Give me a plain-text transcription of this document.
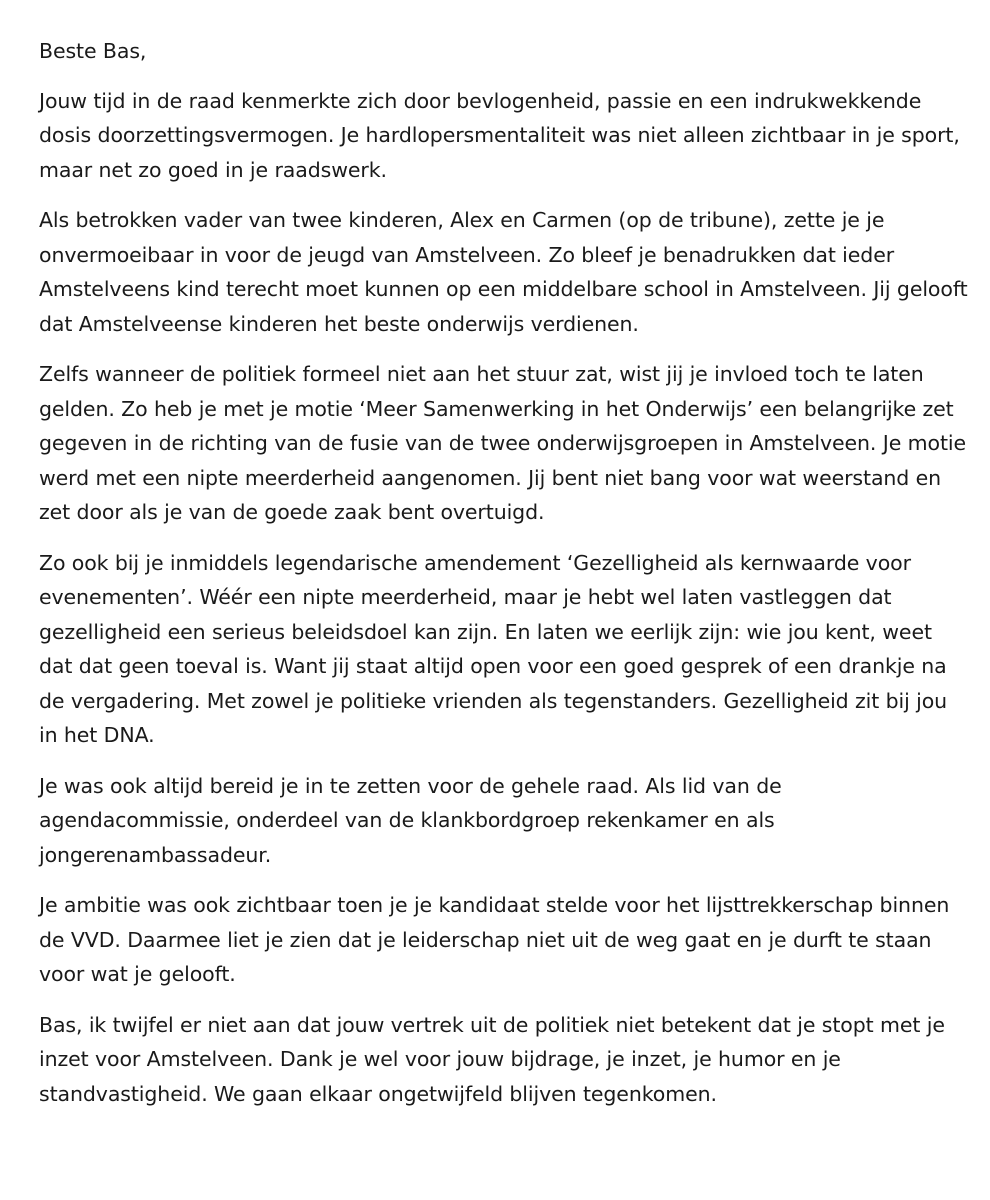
Beste Bas,

Jouw tijd in de raad kenmerkte zich door bevlogenheid, passie en een indrukwekkende dosis doorzettingsvermogen. Je hardlopersmentaliteit was niet alleen zichtbaar in je sport, maar net zo goed in je raadswerk.

Als betrokken vader van twee kinderen, Alex en Carmen (op de tribune), zette je je onvermoeibaar in voor de jeugd van Amstelveen. Zo bleef je benadrukken dat ieder Amstelveens kind terecht moet kunnen op een middelbare school in Amstelveen. Jij gelooft dat Amstelveense kinderen het beste onderwijs verdienen.

Zelfs wanneer de politiek formeel niet aan het stuur zat, wist jij je invloed toch te laten gelden. Zo heb je met je motie ‘Meer Samenwerking in het Onderwijs’ een belangrijke zet gegeven in de richting van de fusie van de twee onderwijsgroepen in Amstelveen. Je motie werd met een nipte meerderheid aangenomen. Jij bent niet bang voor wat weerstand en zet door als je van de goede zaak bent overtuigd.

Zo ook bij je inmiddels legendarische amendement ‘Gezelligheid als kernwaarde voor evenementen’. Wéér een nipte meerderheid, maar je hebt wel laten vastleggen dat gezelligheid een serieus beleidsdoel kan zijn. En laten we eerlijk zijn: wie jou kent, weet dat dat geen toeval is. Want jij staat altijd open voor een goed gesprek of een drankje na de vergadering. Met zowel je politieke vrienden als tegenstanders. Gezelligheid zit bij jou in het DNA.

Je was ook altijd bereid je in te zetten voor de gehele raad. Als lid van de agendacommissie, onderdeel van de klankbordgroep rekenkamer en als jongerenambassadeur.

Je ambitie was ook zichtbaar toen je je kandidaat stelde voor het lijsttrekkerschap binnen de VVD. Daarmee liet je zien dat je leiderschap niet uit de weg gaat en je durft te staan voor wat je gelooft.

Bas, ik twijfel er niet aan dat jouw vertrek uit de politiek niet betekent dat je stopt met je inzet voor Amstelveen. Dank je wel voor jouw bijdrage, je inzet, je humor en je standvastigheid. We gaan elkaar ongetwijfeld blijven tegenkomen.
